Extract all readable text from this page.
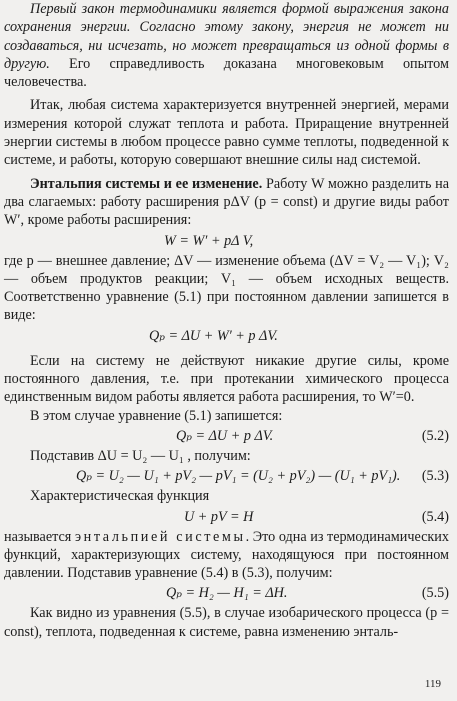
Первый закон термодинамики является формой выражения закона сохранения энергии. Согласно этому закону, энергия не может ни создаваться, ни исчезать, но может превращаться из одной формы в другую. Его справедливость доказана многовековым опытом человечества.

Итак, любая система характеризуется внутренней энергией, мерами измерения которой служат теплота и работа. Приращение внутренней энергии системы в любом процессе равно сумме теплоты, подведенной к системе, и работы, которую совершают внешние силы над системой.

Энтальпия системы и ее изменение. Работу W можно разделить на два слагаемых: работу расширения pΔV (p = const) и другие виды работ W′, кроме работы расширения:

W = W′ + pΔ V,

где p — внешнее давление; ΔV — изменение объема (ΔV = V₂ — V₁); V₂ — объем продуктов реакции; V₁ — объем исходных веществ. Соответственно уравнение (5.1) при постоянном давлении запишется в виде:

Qₚ = ΔU + W′ + p ΔV.

Если на систему не действуют никакие другие силы, кроме постоянного давления, т.е. при протекании химического процесса единственным видом работы является работа расширения, то W′=0.

В этом случае уравнение (5.1) запишется:

Qₚ = ΔU + p ΔV.	(5.2)

Подставив ΔU = U₂ — U₁ , получим:

Qₚ = U₂ — U₁ + pV₂ — pV₁ = (U₂ + pV₂) — (U₁ + pV₁). (5.3)

Характеристическая функция

U + pV = H	(5.4)

называется энтальпией системы. Это одна из термодинамических функций, характеризующих систему, находящуюся при постоянном давлении. Подставив уравнение (5.4) в (5.3), получим:

Qₚ = H₂ — H₁ = ΔH.	(5.5)

Как видно из уравнения (5.5), в случае изобарического процесса (p = const), теплота, подведенная к системе, равна изменению энталь-

119
